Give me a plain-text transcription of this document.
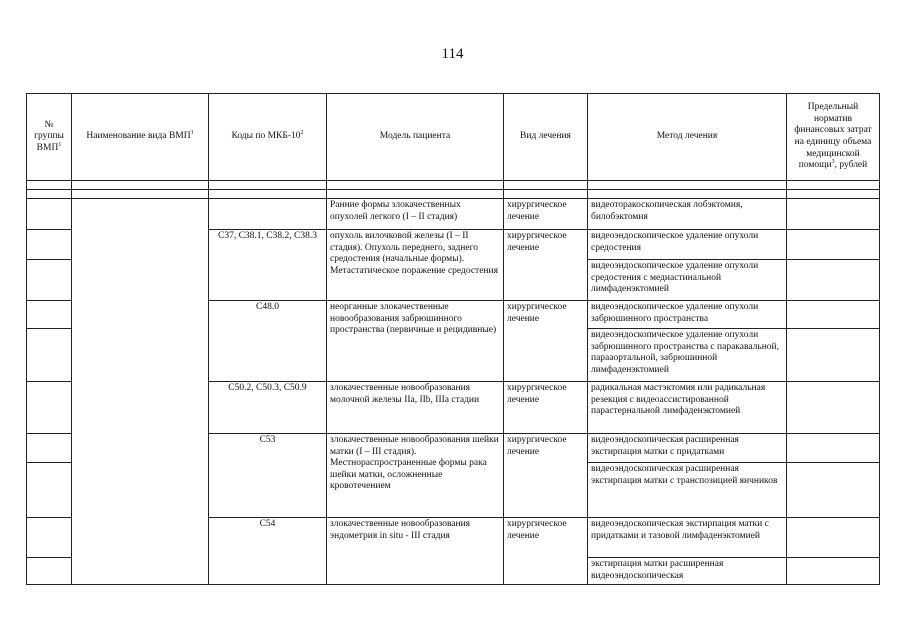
114
№ группы ВМП$^1$	Наименование вида ВМП$^1$	Коды по МКБ-$10^2$	Модель пациента	Вид лечения	Метод лечения	Предельный норматив финансовых затрат на единицу объема медицинской помощи$^3$, рублей

			Ранние формы злокачественных опухолей легкого (I – II стадия)	хирургическое лечение	видеоторакоскопическая лобэктомия, билобэктомия	
		C37, C38.1, C38.2, C38.3	опухоль вилочковой железы (I – II стадия). Опухоль переднего, заднего средостения (начальные формы). Метастатическое поражение средостения	хирургическое лечение	видеоэндоскопическое удаление опухоли средостения	
					видеоэндоскопическое удаление опухоли средостения с медиастинальной лимфаденэктомией	
		C48.0	неорганные злокачественные новообразования забрюшинного пространства (первичные и рецидивные)	хирургическое лечение	видеоэндоскопическое удаление опухоли забрюшинного пространства	
					видеоэндоскопическое удаление опухоли забрюшинного пространства с паракавальной, парааортальной, забрюшинной лимфаденэктомией	
		C50.2, C50.3, C50.9	злокачественные новообразования молочной железы IIa, IIb, IIIa стадии	хирургическое лечение	радикальная мастэктомия или радикальная резекция с видеоассистированной парастернальной лимфаденэктомией	
		C53	злокачественные новообразования шейки матки (I – III стадия). Местнораспространенные формы рака шейки матки, осложненные кровотечением	хирургическое лечение	видеоэндоскопическая расширенная экстирпация матки с придатками	
					видеоэндоскопическая расширенная экстирпация матки с транспозицией яичников	
		C54	злокачественные новообразования эндометрия in situ - III стадия	хирургическое лечение	видеоэндоскопическая экстирпация матки с придатками и тазовой лимфаденэктомией	
					экстирпация матки расширенная видеоэндоскопическая	
